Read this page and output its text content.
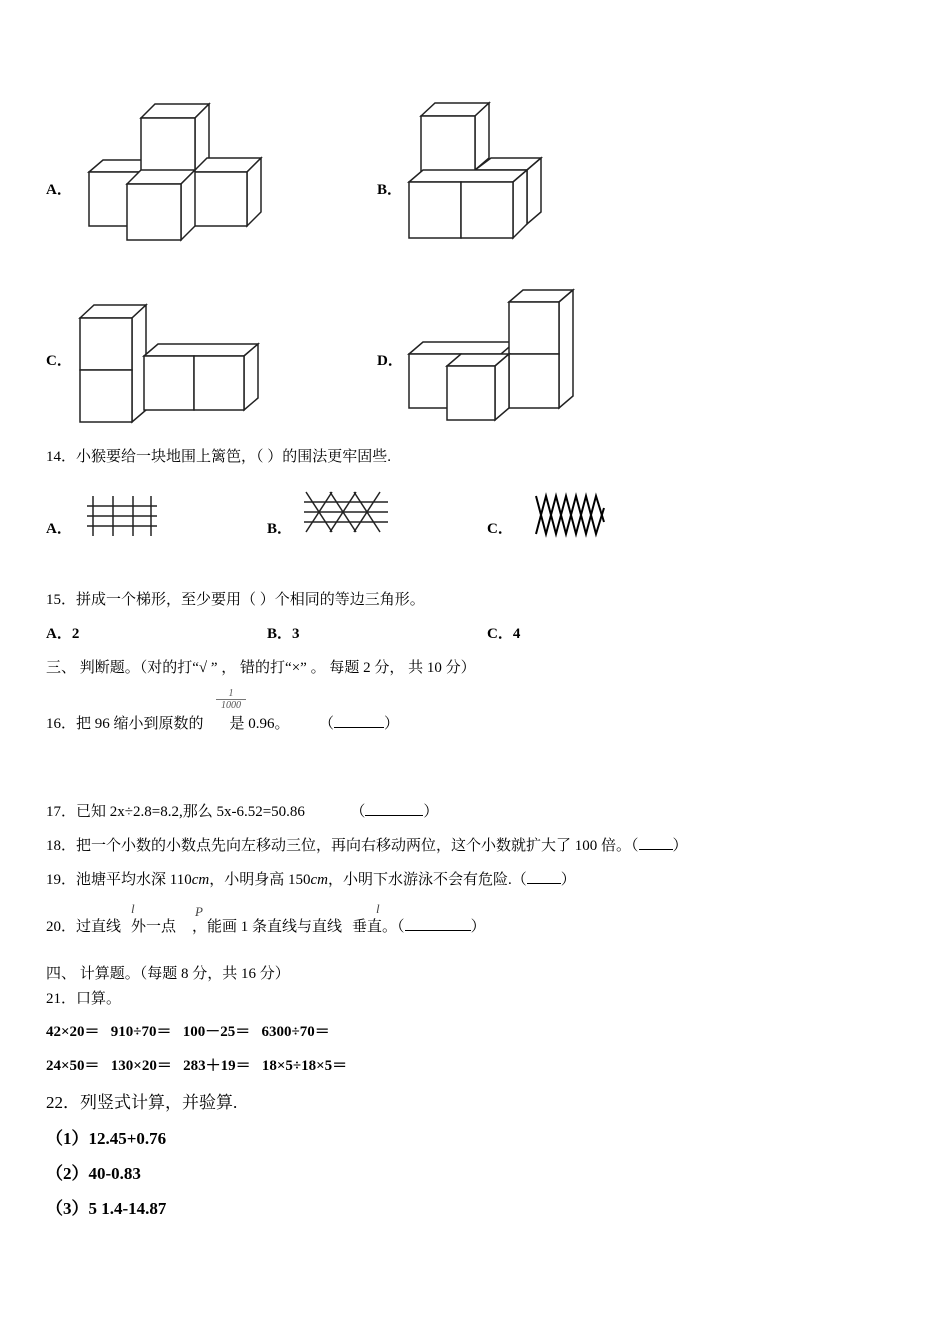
A．	B．
C．	D．
14．小猴要给一块地围上篱笆，（ ）的围法更牢固些.
A．	B．	C．
15．拼成一个梯形，至少要用（ ）个相同的等边三角形。
A．2	B．3	C．4
三、 判断题。（对的打“√ ” ， 错的打“×” 。 每题 2 分， 共 10 分）
16．把 96 缩小到原数的 是 0.96。 （	）
$\frac{1}{1000}$
17．已知 2x÷2.8=8.2,那么 5x-6.52=50.86	（	）
18．把一个小数的小数点先向左移动三位，再向右移动两位，这个小数就扩大了 100 倍。（ ）
19．池塘平均水深 110cm，小明身高 150cm，小明下水游泳不会有危险.（ ）
20．过直线 外一点 ，能画 1 条直线与直线 垂直。（	）
l	P	l
四、 计算题。（每题 8 分，共 16 分）
21．口算。
42×20＝   910÷70＝   100－25＝   6300÷70＝
24×50＝   130×20＝   283＋19＝   18×5÷18×5＝
22．列竖式计算，并验算.
（1）12.45+0.76
（2）40-0.83
（3）5 1.4-14.87
